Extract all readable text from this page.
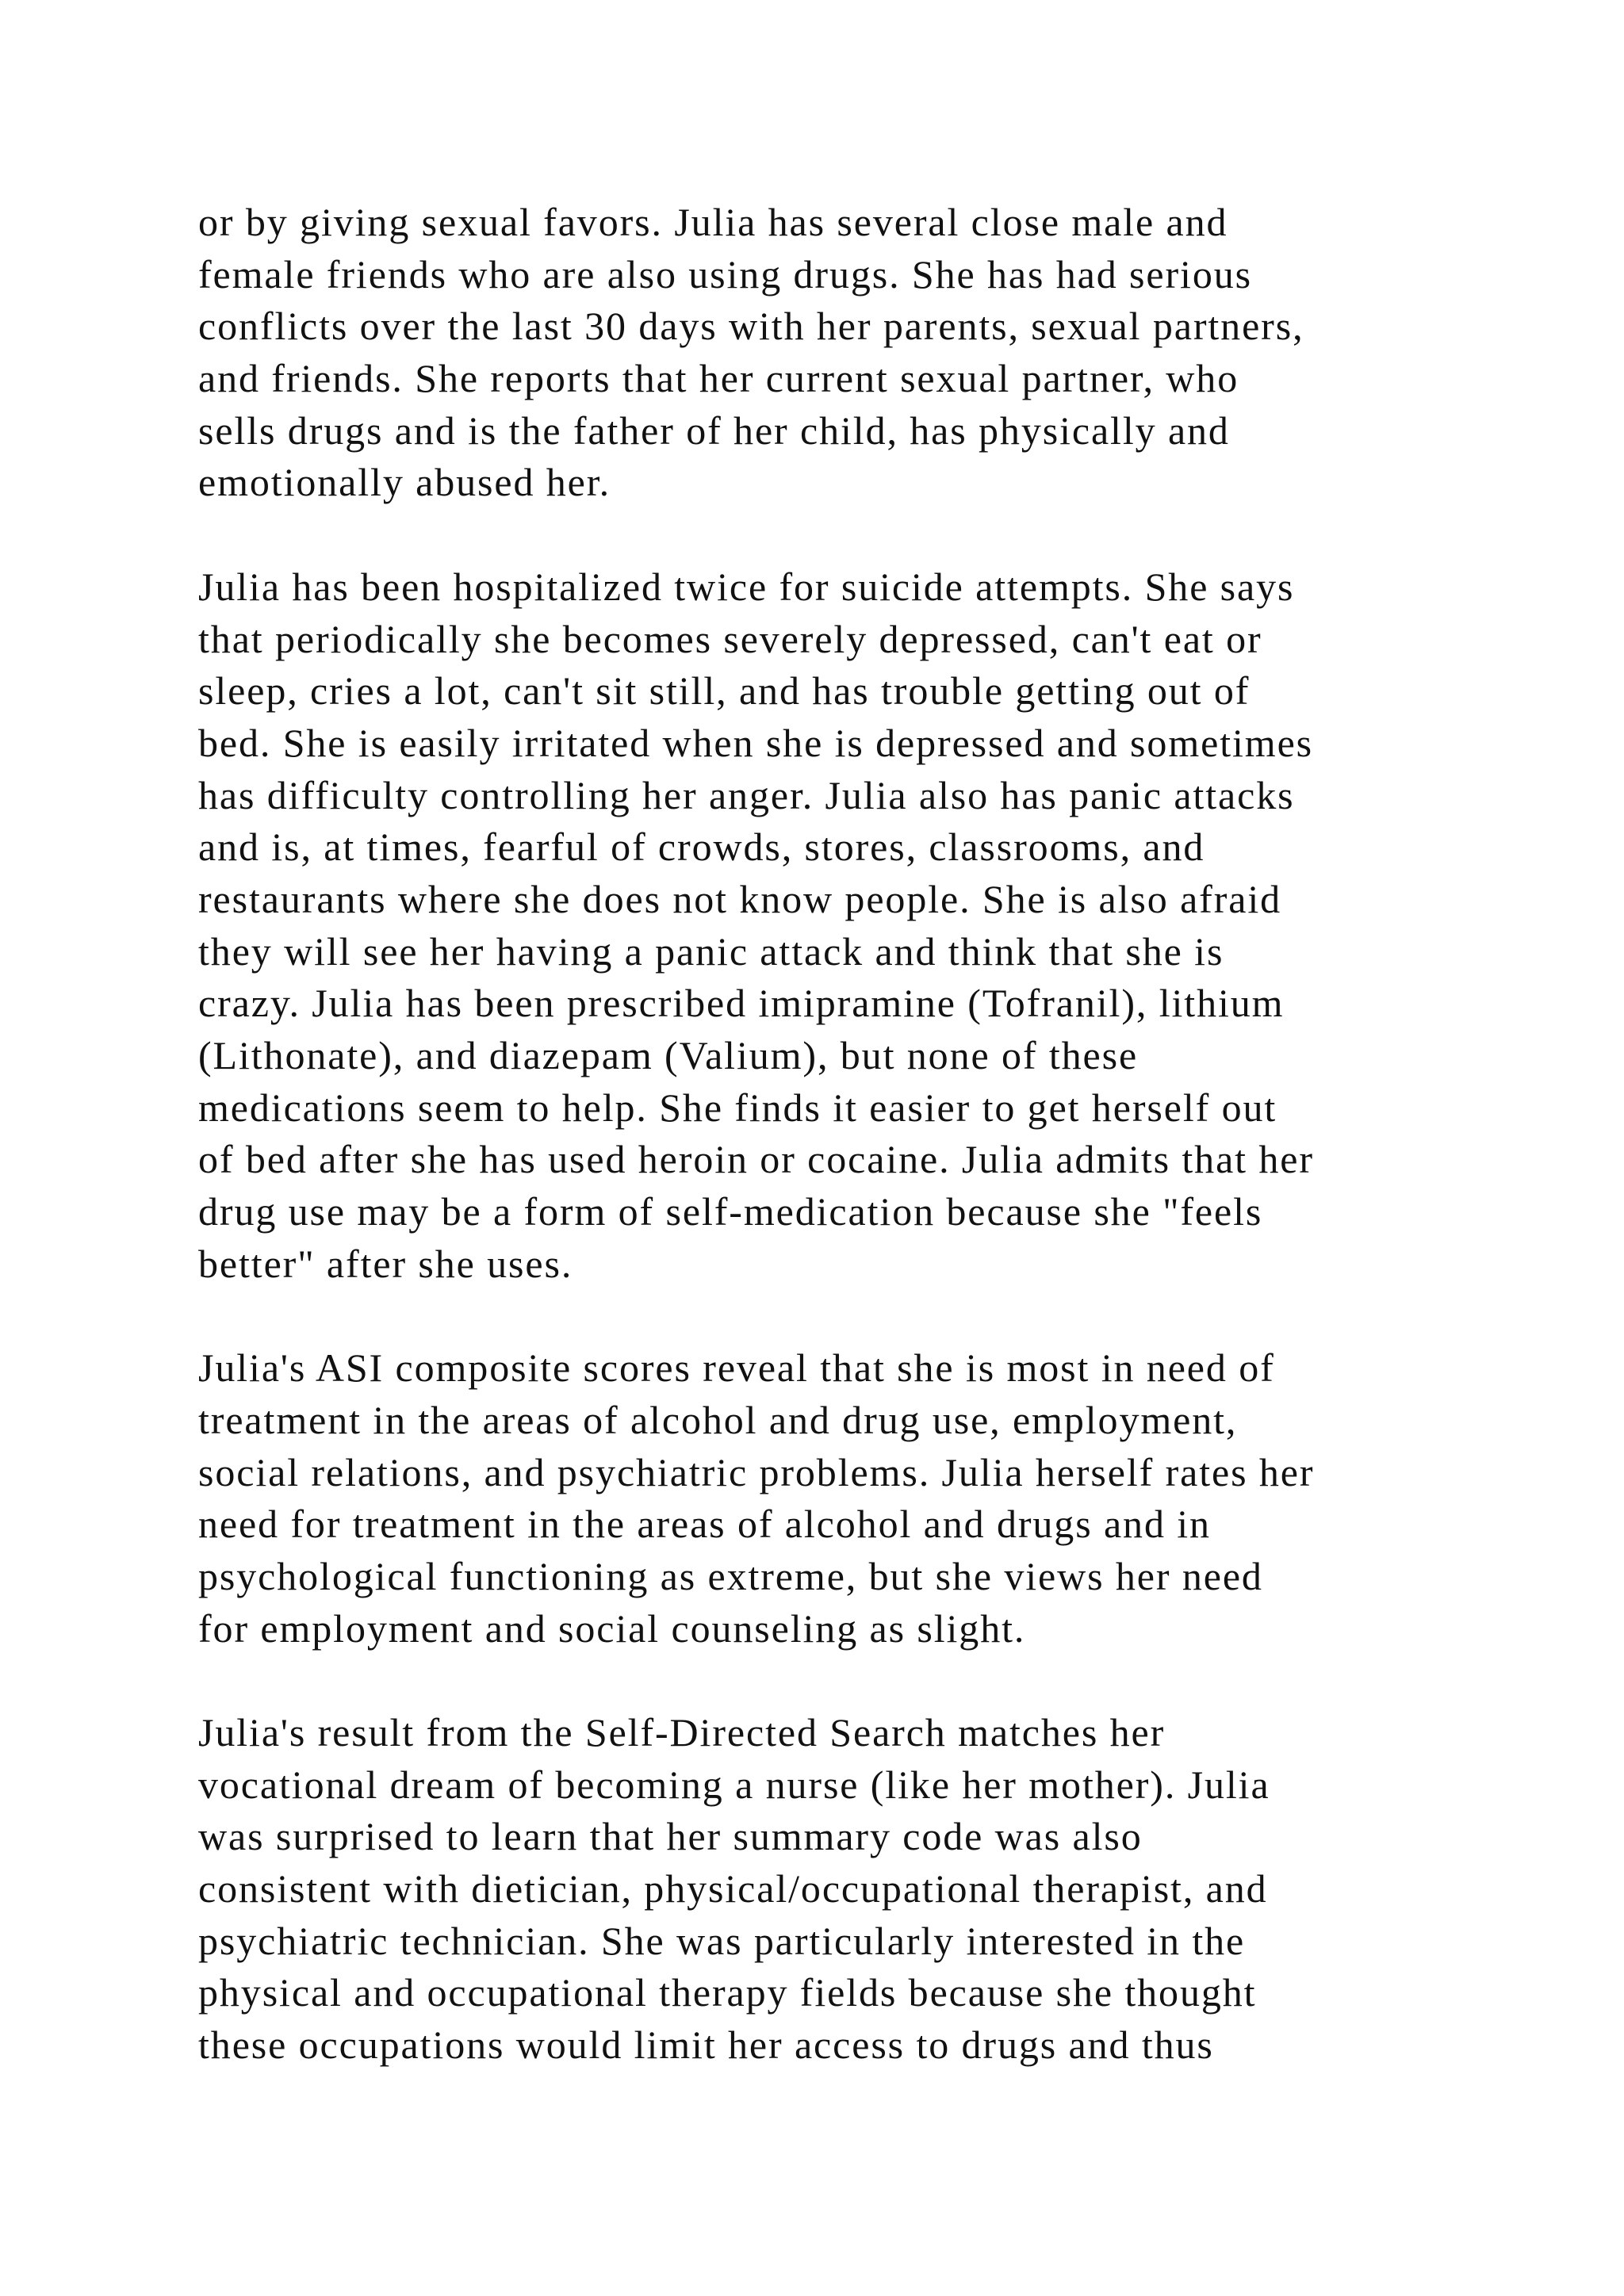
or by giving sexual favors. Julia has several close male and
female friends who are also using drugs. She has had serious
conflicts over the last 30 days with her parents, sexual partners,
and friends. She reports that her current sexual partner, who
sells drugs and is the father of her child, has physically and
emotionally abused her.

Julia has been hospitalized twice for suicide attempts. She says
that periodically she becomes severely depressed, can't eat or
sleep, cries a lot, can't sit still, and has trouble getting out of
bed. She is easily irritated when she is depressed and sometimes
has difficulty controlling her anger. Julia also has panic attacks
and is, at times, fearful of crowds, stores, classrooms, and
restaurants where she does not know people. She is also afraid
they will see her having a panic attack and think that she is
crazy. Julia has been prescribed imipramine (Tofranil), lithium
(Lithonate), and diazepam (Valium), but none of these
medications seem to help. She finds it easier to get herself out
of bed after she has used heroin or cocaine. Julia admits that her
drug use may be a form of self-medication because she "feels
better" after she uses.

Julia's ASI composite scores reveal that she is most in need of
treatment in the areas of alcohol and drug use, employment,
social relations, and psychiatric problems. Julia herself rates her
need for treatment in the areas of alcohol and drugs and in
psychological functioning as extreme, but she views her need
for employment and social counseling as slight.

Julia's result from the Self-Directed Search matches her
vocational dream of becoming a nurse (like her mother). Julia
was surprised to learn that her summary code was also
consistent with dietician, physical/occupational therapist, and
psychiatric technician. She was particularly interested in the
physical and occupational therapy fields because she thought
these occupations would limit her access to drugs and thus
